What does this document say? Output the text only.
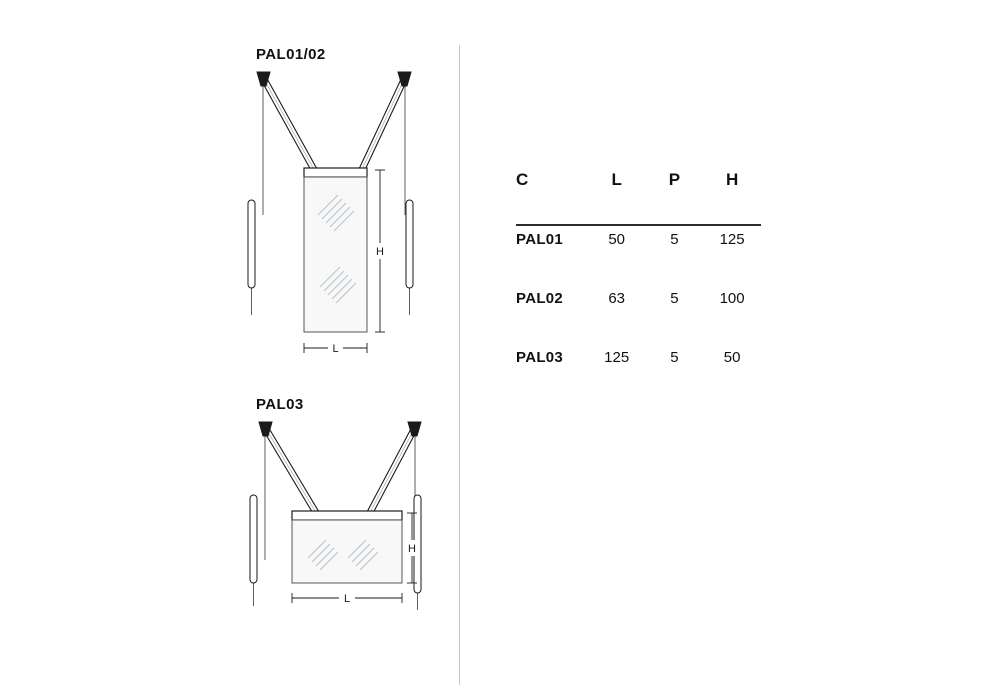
PAL01/02
H
L
PAL03
H
L
C	L	P	H
PAL01	50	5	125
PAL02	63	5	100
PAL03	125	5	50
